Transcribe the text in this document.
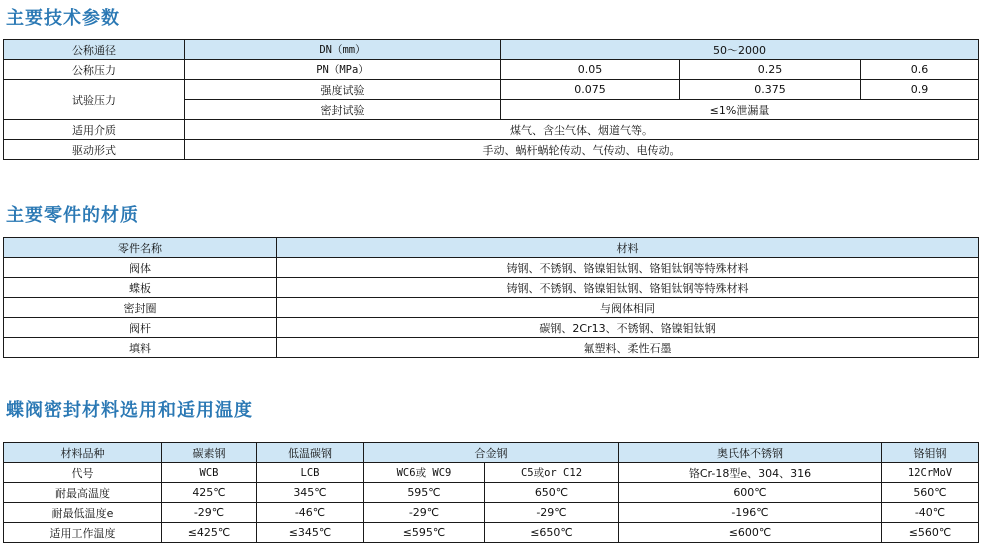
主要技术参数
公称通径	DN（mm）	50～2000		
公称压力	PN（MPa）	0.05	0.25	0.6
试验压力	强度试验	0.075	0.375	0.9
	密封试验	≤1%泄漏量		
适用介质	煤气、含尘气体、烟道气等。			
驱动形式	手动、蜗杆蜗轮传动、气传动、电传动。			
主要零件的材质
零件名称	材料
阀体	铸钢、不锈钢、铬镍钼钛钢、铬钼钛钢等特殊材料
蝶板	铸钢、不锈钢、铬镍钼钛钢、铬钼钛钢等特殊材料
密封圈	与阀体相同
阀杆	碳钢、2Cr13、不锈钢、铬镍钼钛钢
填料	氟塑料、柔性石墨
蝶阀密封材料选用和适用温度
材料品种	碳素钢	低温碳钢	合金钢		奥氏体不锈钢	铬钼钢
代号	WCB	LCB	WC6或 WC9	C5或or C12	铬Cr-18型e、304、316	12CrMoV
耐最高温度	425℃	345℃	595℃	650℃	600℃	560℃
耐最低温度e	-29℃	-46℃	-29℃	-29℃	-196℃	-40℃
适用工作温度	≤425℃	≤345℃	≤595℃	≤650℃	≤600℃	≤560℃
